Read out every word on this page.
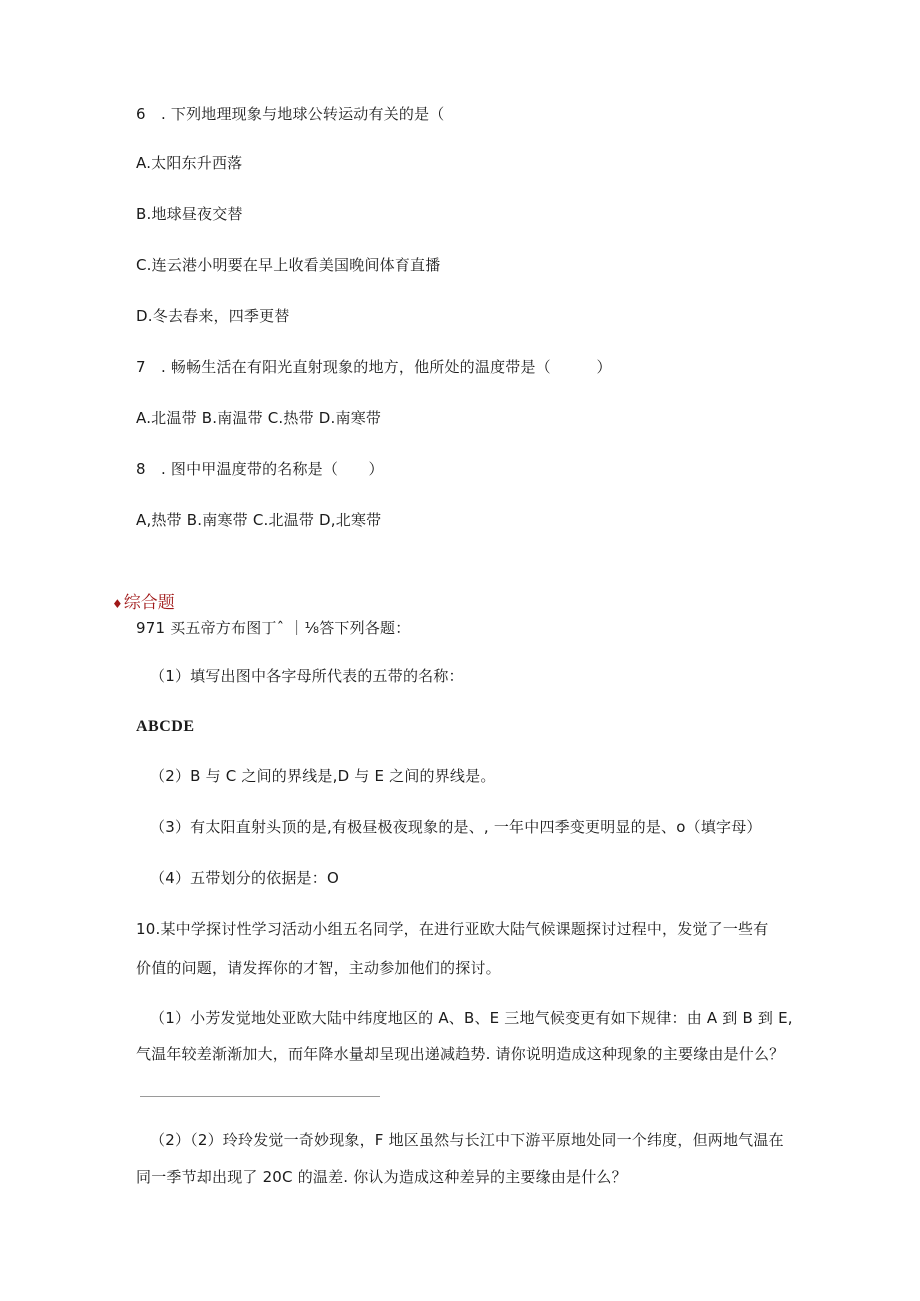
6　. 下列地理现象与地球公转运动有关的是（
A.太阳东升西落
B.地球昼夜交替
C.连云港小明要在早上收看美国晚间体育直播
D.冬去春来，四季更替
7　. 畅畅生活在有阳光直射现象的地方，他所处的温度带是（　　　）
A.北温带 B.南温带 C.热带 D.南寒带
8　. 图中甲温度带的名称是（　　）
A,热带 B.南寒带 C.北温带 D,北寒带
♦综合题
971 买五帝方布图丁ˆ ｜⅛答下列各题：
（1）填写出图中各字母所代表的五带的名称：
ABCDE
（2）B 与 C 之间的界线是,D 与 E 之间的界线是。
（3）有太阳直射头顶的是,有极昼极夜现象的是、, 一年中四季变更明显的是、o（填字母）
（4）五带划分的依据是：O
10.某中学探讨性学习活动小组五名同学，在进行亚欧大陆气候课题探讨过程中，发觉了一些有
价值的问题，请发挥你的才智，主动参加他们的探讨。
（1）小芳发觉地处亚欧大陆中纬度地区的 A、B、E 三地气候变更有如下规律：由 A 到 B 到 E,
气温年较差渐渐加大，而年降水量却呈现出递减趋势. 请你说明造成这种现象的主要缘由是什么？
（2）（2）玲玲发觉一奇妙现象，F 地区虽然与长江中下游平原地处同一个纬度，但两地气温在
同一季节却出现了 20C 的温差. 你认为造成这种差异的主要缘由是什么？
